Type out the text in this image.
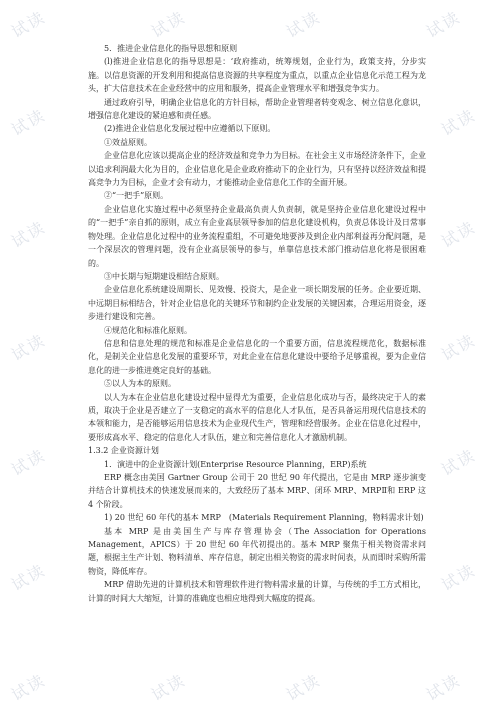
试读	试读	试读	试读
试读	试读
试读	试读
试读	试读
试读	试读
试读	试读
试读	试读	试读	试读

5．推进企业信息化的指导思想和原则

(l)推进企业信息化的指导思想是：‘政府推动，统筹规划，企业行为，政策支持，分步实施。以信息资源的开发利用和提高信息资源的共享程度为重点，以重点企业信息化示范工程为龙头，扩大信息技术在企业经营中的应用和服务，提高企业管理水平和增强竞争实力。

通过政府引导，明确企业信息化的方针目标，帮助企业管理者转变观念、树立信息化意识，增强信息化建设的紧迫感和责任感。

(2)推进企业信息化发展过程中应遵循以下原则。

①效益原则。

企业信息化应该以提高企业的经济效益和竞争力为目标。在社会主义市场经济条件下，企业以追求利润最大化为目的，企业信息化是企业政府推动下的企业行为，只有坚持以经济效益和提高竞争力为目标，企业才会有动力，才能推动企业信息化工作的全面开展。

②“一把手”原则。

企业信息化实施过程中必须坚持企业最高负责人负责制，就是坚持企业信息化建设过程中的“一把手”亲自抓的原则，成立有企业高层领导参加的信息化建设机构，负责总体设计及日常事物处理。企业信息化过程中的业务流程重组，不可避免地要涉及到企业内部利益再分配问题，是一个深层次的管理问题，没有企业高层领导的参与，单靠信息技术部门推动信息化将是很困难的。

③中长期与短期建设相结合原则。

企业信息化系统建设周期长、见效慢、投资大，是企业一项长期发展的任务。企业要近期、中远期目标相结合，针对企业信息化的关键环节和制约企业发展的关键因素，合理运用资金，逐步进行建设和完善。

④规范化和标准化原则。

信息和信息处理的规范和标准是企业信息化的一个重要方面，信息流程规范化，数据标准化，是制关企业信息化发展的重要环节，对此企业在信息化建设中要给予足够重视，要为企业信息化的进一步推进奠定良好的基础。

⑤以人为本的原则。

以人为本在企业信息化建设过程中显得尤为重要，企业信息化成功与否，最终决定于人的素质，取决于企业是否建立了一支稳定的高水平的信息化人才队伍，是否具备运用现代信息技术的本领和能力，是否能够运用信息技术为企业现代生产，管理和经营服务。企业在信息化过程中，要形成高水平、稳定的信息化人才队伍，建立和完善信息化人才激励机制。

1.3.2 企业资源计划

1．演进中的企业资源计划(Enterprise Resource Planning，ERP)系统

ERP 概念由美国 Gartner Group 公司于 20 世纪 90 年代提出，它是由 MRP 逐步演变并结合计算机技术的快速发展而来的，大致经历了基本 MRP、闭环 MRP、MRPⅡ和 ERP 这 4 个阶段。

1) 20 世纪 60 年代的基本 MRP　(Materials Requirement Planning，物料需求计划)

基本 MRP 是由美国生产与库存管理协会（The Association for Operations Management，APICS）于 20 世纪 60 年代初提出的。基本 MRP 聚焦于相关物资需求问题，根据主生产计划、物料清单、库存信息，制定出相关物资的需求时间表，从而即时采购所需物资，降低库存。

MRP 借助先进的计算机技术和管理软件进行物料需求量的计算，与传统的手工方式相比，计算的时间大大缩短，计算的准确度也相应地得到大幅度的提高。
